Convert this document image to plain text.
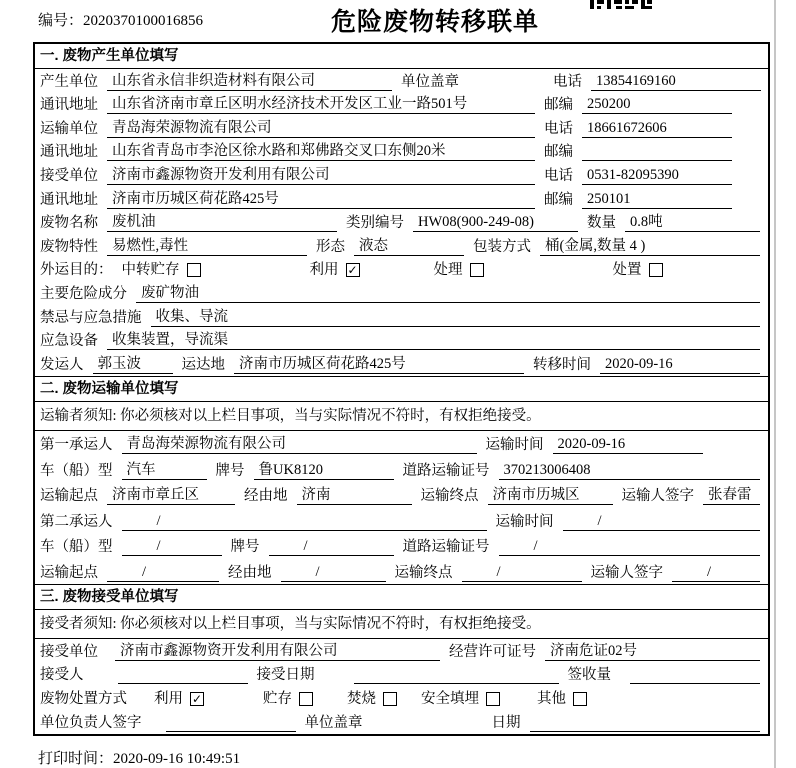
编号：2020370100016856	危险废物转移联单
一. 废物产生单位填写
产生单位 山东省永信非织造材料有限公司	单位盖章	电话 13854169160
通讯地址 山东省济南市章丘区明水经济技术开发区工业一路501号	邮编 250200
运输单位 青岛海荣源物流有限公司	电话 18661672606
通讯地址 山东省青岛市李沧区徐水路和郑佛路交叉口东侧20米	邮编
接受单位 济南市鑫源物资开发利用有限公司	电话 0531-82095390
通讯地址 济南市历城区荷花路425号	邮编 250101
废物名称 废机油	类别编号 HW08(900-249-08)	数量 0.8吨
废物特性 易燃性,毒性	形态 液态	包装方式 桶(金属,数量 4 )
外运目的： 中转贮存	利用 ✓	处理	处置
主要危险成分 废矿物油
禁忌与应急措施 收集、导流
应急设备 收集装置，导流渠
发运人 郭玉波	运达地 济南市历城区荷花路425号	转移时间 2020-09-16
二. 废物运输单位填写
运输者须知: 你必须核对以上栏目事项，当与实际情况不符时，有权拒绝接受。
第一承运人 青岛海荣源物流有限公司	运输时间 2020-09-16
车（船）型 汽车	牌号 鲁UK8120	道路运输证号 370213006408
运输起点 济南市章丘区	经由地 济南	运输终点 济南市历城区	运输人签字 张春雷
第二承运人	/	运输时间	/
车（船）型	/	牌号	/	道路运输证号	/
运输起点	/	经由地	/	运输终点	/	运输人签字	/
三. 废物接受单位填写
接受者须知: 你必须核对以上栏目事项，当与实际情况不符时，有权拒绝接受。
接受单位	济南市鑫源物资开发利用有限公司	经营许可证号 济南危证02号
接受人	接受日期	签收量
废物处置方式 利用 ✓	贮存	焚烧	安全填埋	其他
单位负责人签字	单位盖章	日期
打印时间：2020-09-16 10:49:51
